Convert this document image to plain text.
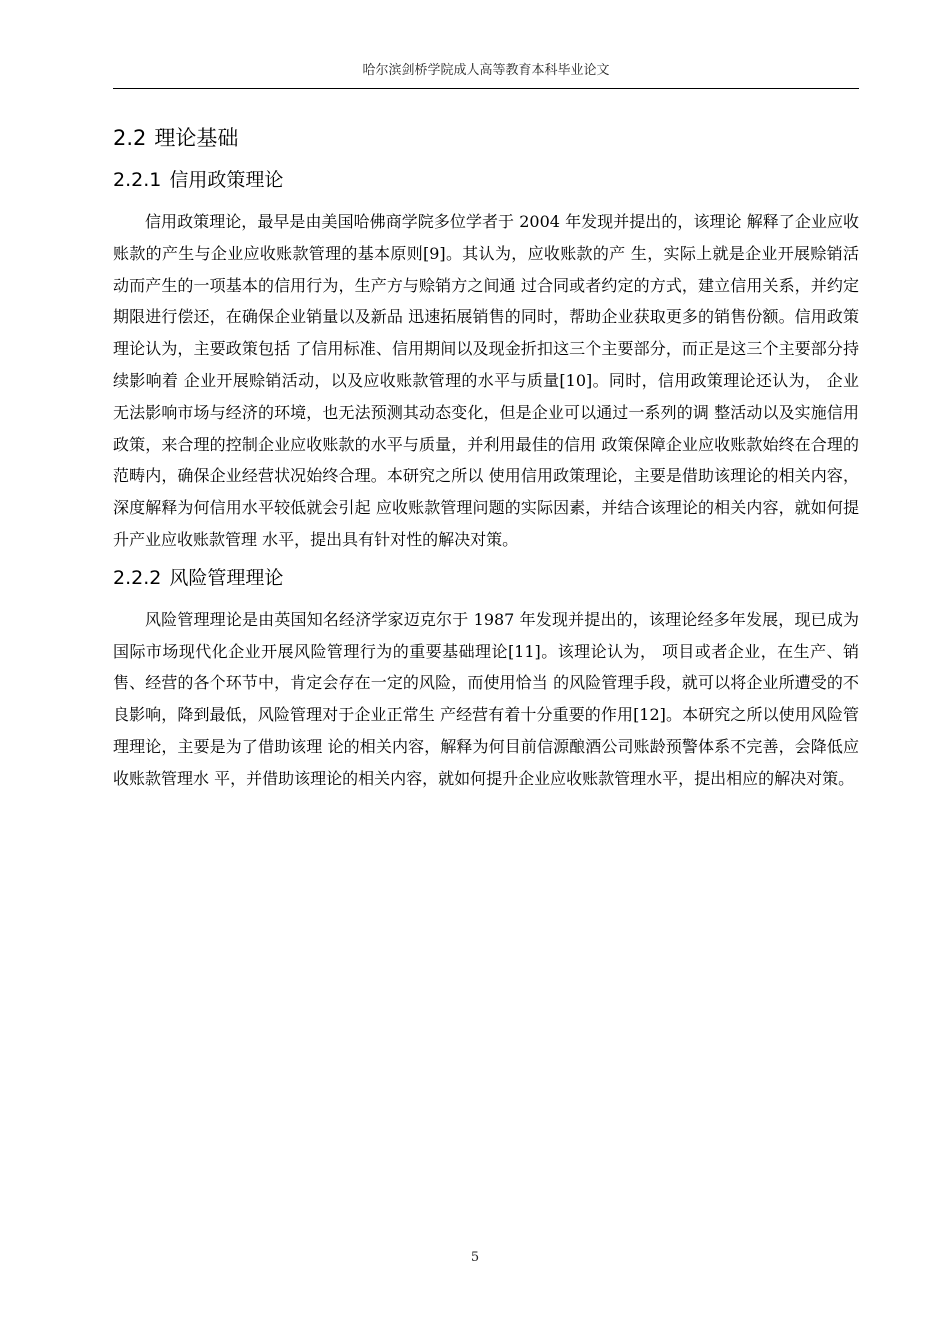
哈尔滨剑桥学院成人高等教育本科毕业论文
2.2 理论基础
2.2.1 信用政策理论

信用政策理论，最早是由美国哈佛商学院多位学者于 2004 年发现并提出的，该理论 解释了企业应收账款的产生与企业应收账款管理的基本原则[9]。其认为，应收账款的产 生，实际上就是企业开展赊销活动而产生的一项基本的信用行为，生产方与赊销方之间通 过合同或者约定的方式，建立信用关系，并约定期限进行偿还，在确保企业销量以及新品 迅速拓展销售的同时，帮助企业获取更多的销售份额。信用政策理论认为，主要政策包括 了信用标准、信用期间以及现金折扣这三个主要部分，而正是这三个主要部分持续影响着 企业开展赊销活动，以及应收账款管理的水平与质量[10]。同时，信用政策理论还认为， 企业无法影响市场与经济的环境，也无法预测其动态变化，但是企业可以通过一系列的调 整活动以及实施信用政策，来合理的控制企业应收账款的水平与质量，并利用最佳的信用 政策保障企业应收账款始终在合理的范畴内，确保企业经营状况始终合理。本研究之所以 使用信用政策理论，主要是借助该理论的相关内容，深度解释为何信用水平较低就会引起 应收账款管理问题的实际因素，并结合该理论的相关内容，就如何提升产业应收账款管理 水平，提出具有针对性的解决对策。

2.2.2 风险管理理论

风险管理理论是由英国知名经济学家迈克尔于 1987 年发现并提出的，该理论经多年发展，现已成为国际市场现代化企业开展风险管理行为的重要基础理论[11]。该理论认为， 项目或者企业，在生产、销售、经营的各个环节中，肯定会存在一定的风险，而使用恰当 的风险管理手段，就可以将企业所遭受的不良影响，降到最低，风险管理对于企业正常生 产经营有着十分重要的作用[12]。本研究之所以使用风险管理理论，主要是为了借助该理 论的相关内容，解释为何目前信源酿酒公司账龄预警体系不完善，会降低应收账款管理水 平，并借助该理论的相关内容，就如何提升企业应收账款管理水平，提出相应的解决对策。

5
